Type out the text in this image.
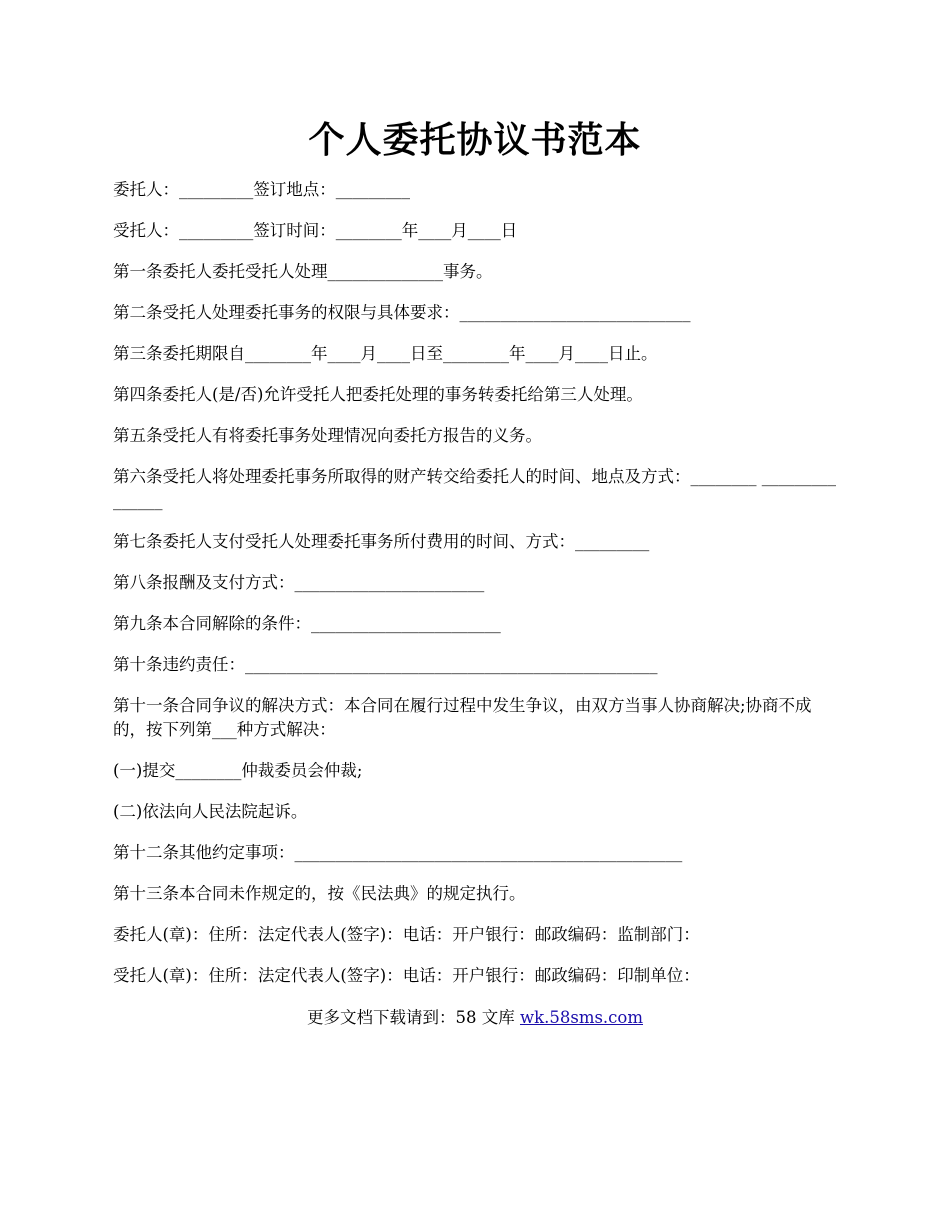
个人委托协议书范本

委托人：_________签订地点：_________

受托人：_________签订时间：________年____月____日

第一条委托人委托受托人处理______________事务。

第二条受托人处理委托事务的权限与具体要求：____________________________

第三条委托期限自________年____月____日至________年____月____日止。

第四条委托人(是/否)允许受托人把委托处理的事务转委托给第三人处理。

第五条受托人有将委托事务处理情况向委托方报告的义务。

第六条受托人将处理委托事务所取得的财产转交给委托人的时间、地点及方式：________ _______________

第七条委托人支付受托人处理委托事务所付费用的时间、方式：_________

第八条报酬及支付方式：_______________________

第九条本合同解除的条件：_______________________

第十条违约责任：__________________________________________________

第十一条合同争议的解决方式：本合同在履行过程中发生争议，由双方当事人协商解决;协商不成的，按下列第___种方式解决：

(一)提交________仲裁委员会仲裁;

(二)依法向人民法院起诉。

第十二条其他约定事项：_______________________________________________

第十三条本合同未作规定的，按《民法典》的规定执行。

委托人(章)：住所：法定代表人(签字)：电话：开户银行：邮政编码：监制部门：

受托人(章)：住所：法定代表人(签字)：电话：开户银行：邮政编码：印制单位：

更多文档下载请到：58 文库 wk.58sms.com
